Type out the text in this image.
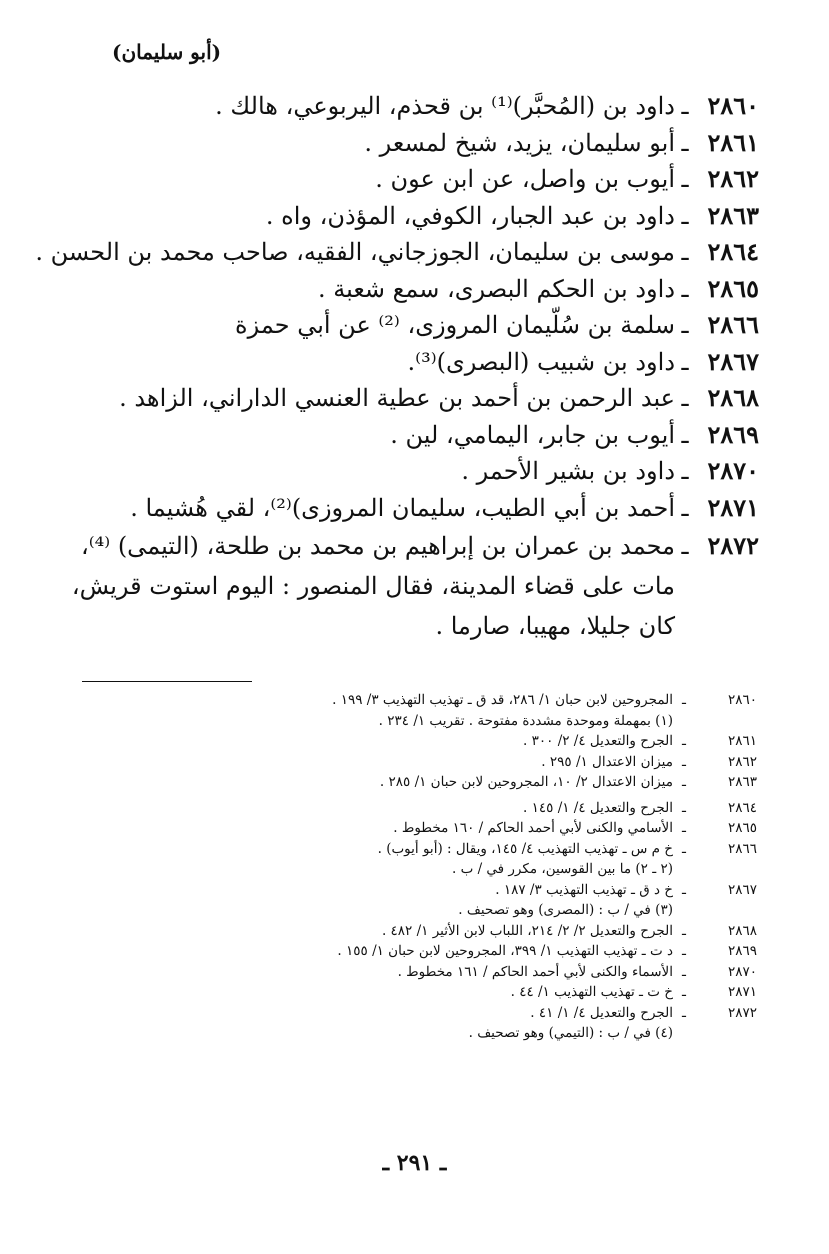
(أبو سليمان)
٢٨٦٠
ـ
داود بن (المُحبَّر)⁽¹⁾ بن قحذم، اليربوعي، هالك .
٢٨٦١
ـ
أبو سليمان، يزيد، شيخ لمسعر .
٢٨٦٢
ـ
أيوب بن واصل، عن ابن عون .
٢٨٦٣
ـ
داود بن عبد الجبار، الكوفي، المؤذن، واه .
٢٨٦٤
ـ
موسى بن سليمان، الجوزجاني، الفقيه، صاحب محمد بن الحسن .
٢٨٦٥
ـ
داود بن الحكم البصرى، سمع شعبة .
٢٨٦٦
ـ
سلمة بن سُلّيمان المروزى، ⁽²⁾ عن أبي حمزة
٢٨٦٧
ـ
داود بن شبيب (البصرى)⁽³⁾.
٢٨٦٨
ـ
عبد الرحمن بن أحمد بن عطية العنسي الداراني، الزاهد .
٢٨٦٩
ـ
أيوب بن جابر، اليمامي، لين .
٢٨٧٠
ـ
داود بن بشير الأحمر .
٢٨٧١
ـ
أحمد بن أبي الطيب، سليمان المروزى)⁽²⁾، لقي هُشيما .
٢٨٧٢
ـ
محمد بن عمران بن إبراهيم بن محمد بن طلحة، (التيمى) ⁽⁴⁾، مات على قضاء المدينة، فقال المنصور : اليوم استوت قريش، كان جليلا، مهيبا، صارما .
٢٨٦٠
ـ
المجروحين لابن حبان ١/ ٢٨٦، قد ق ـ تهذيب التهذيب ٣/ ١٩٩ .
(١) بمهملة وموحدة مشددة مفتوحة . تقريب ١/ ٢٣٤ .
٢٨٦١
ـ
الجرح والتعديل ٤/ ٢/ ٣٠٠ .
٢٨٦٢
ـ
ميزان الاعتدال ١/ ٢٩٥ .
٢٨٦٣
ـ
ميزان الاعتدال ٢/ ١٠، المجروحين لابن حبان ١/ ٢٨٥ .
٢٨٦٤
ـ
الجرح والتعديل ٤/ ١/ ١٤٥ .
٢٨٦٥
ـ
الأسامي والكنى لأبي أحمد الحاكم / ١٦٠ مخطوط .
٢٨٦٦
ـ
خ م س ـ تهذيب التهذيب ٤/ ١٤٥، ويقال : (أبو أيوب) .
(٢ ـ ٢) ما بين القوسين، مكرر في / ب .
٢٨٦٧
ـ
خ د ق ـ تهذيب التهذيب ٣/ ١٨٧ .
(٣) في / ب : (المصرى) وهو تصحيف .
٢٨٦٨
ـ
الجرح والتعديل ٢/ ٢/ ٢١٤، اللباب لابن الأثير ١/ ٤٨٢ .
٢٨٦٩
ـ
د ت ـ تهذيب التهذيب ١/ ٣٩٩، المجروحين لابن حبان ١/ ١٥٥ .
٢٨٧٠
ـ
الأسماء والكنى لأبي أحمد الحاكم / ١٦١ مخطوط .
٢٨٧١
ـ
خ ت ـ تهذيب التهذيب ١/ ٤٤ .
٢٨٧٢
ـ
الجرح والتعديل ٤/ ١/ ٤١ .
(٤) في / ب : (التيمي) وهو تصحيف .
ـ ٢٩١ ـ
